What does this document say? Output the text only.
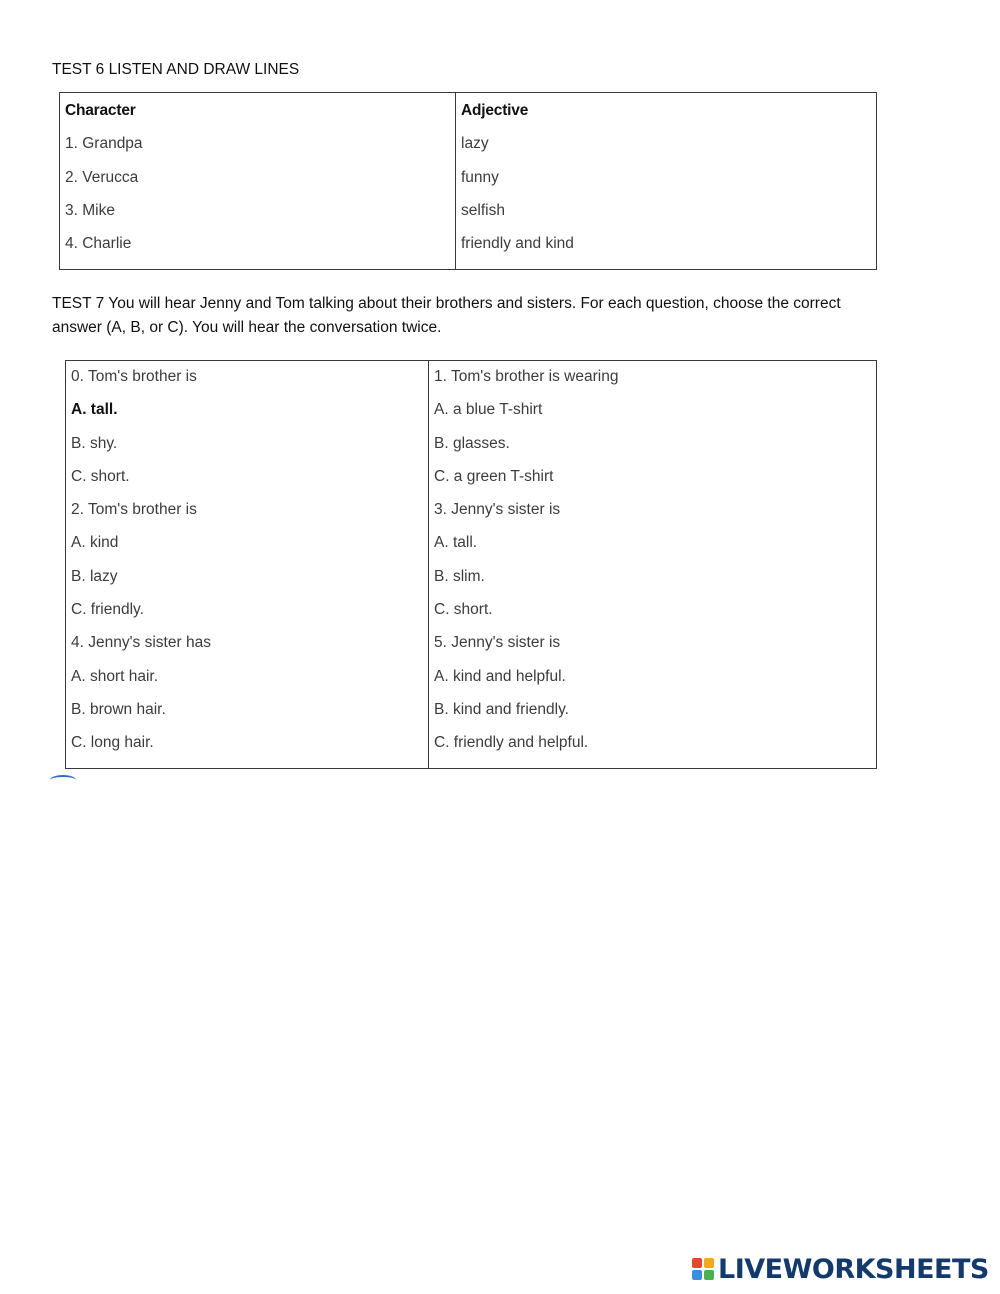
TEST 6 LISTEN AND DRAW LINES
Character
1. Grandpa
2. Verucca
3. Mike
4. Charlie
Adjective
lazy
funny
selfish
friendly and kind
TEST 7 You will hear Jenny and Tom talking about their brothers and sisters. For each question, choose the correct answer (A, B, or C). You will hear the conversation twice.
0. Tom's brother is
A. tall.
B. shy.
C. short.
2. Tom's brother is
A. kind
B. lazy
C. friendly.
4. Jenny's sister has
A. short hair.
B. brown hair.
C. long hair.
1. Tom's brother is wearing
A. a blue T-shirt
B. glasses.
C. a green T-shirt
3. Jenny's sister is
A. tall.
B. slim.
C. short.
5. Jenny's sister is
A. kind and helpful.
B. kind and friendly.
C. friendly and helpful.
LIVEWORKSHEETS
